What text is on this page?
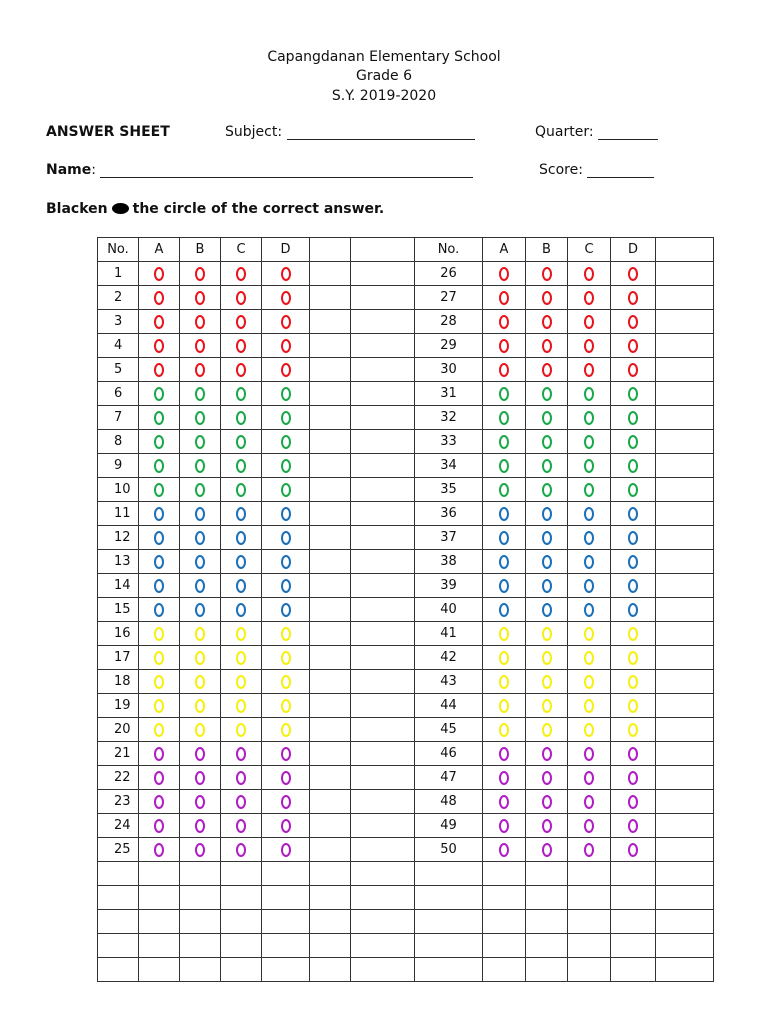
Capangdanan Elementary School
Grade 6
S.Y. 2019-2020
ANSWER SHEET	Subject:	Quarter:
Name:	Score:
Blacken the circle of the correct answer.
No.	A	B	C	D			No.	A	B	C	D	
1							26					
2							27					
3							28					
4							29					
5							30					
6							31					
7							32					
8							33					
9							34					
10							35					
11							36					
12							37					
13							38					
14							39					
15							40					
16							41					
17							42					
18							43					
19							44					
20							45					
21							46					
22							47					
23							48					
24							49					
25							50					
